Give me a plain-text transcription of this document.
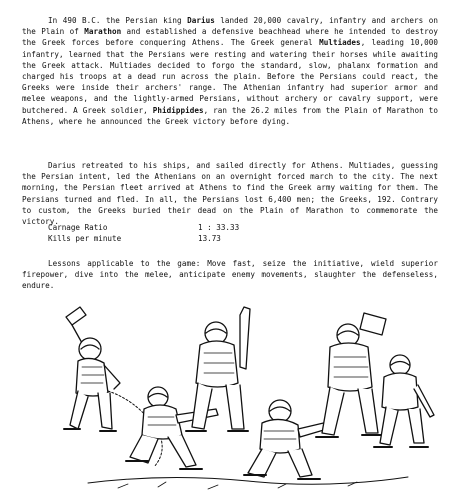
In 490 B.C. the Persian king Darius landed 20,000 cavalry, infantry and archers on the Plain of Marathon and established a defensive beachhead where he intended to destroy the Greek forces before conquering Athens. The Greek general Multiades, leading 10,000 infantry, learned that the Persians were resting and watering their horses while awaiting the Greek attack. Multiades decided to forgo the standard, slow, phalanx formation and charged his troops at a dead run across the plain. Before the Persians could react, the Greeks were inside their archers' range. The Athenian infantry had superior armor and melee weapons, and the lightly-armed Persians, without archery or cavalry support, were butchered. A Greek soldier, Phidippides, ran the 26.2 miles from the Plain of Marathon to Athens, where he announced the Greek victory before dying.

Darius retreated to his ships, and sailed directly for Athens. Multiades, guessing the Persian intent, led the Athenians on an overnight forced march to the city. The next morning, the Persian fleet arrived at Athens to find the Greek army waiting for them. The Persians turned and fled. In all, the Persians lost 6,400 men; the Greeks, 192. Contrary to custom, the Greeks buried their dead on the Plain of Marathon to commemorate the victory.

Carnage Ratio	1 : 33.33
Kills per minute	13.73

Lessons applicable to the game: Move fast, seize the initiative, wield superior firepower, dive into the melee, anticipate enemy movements, slaughter the defenseless, endure.
